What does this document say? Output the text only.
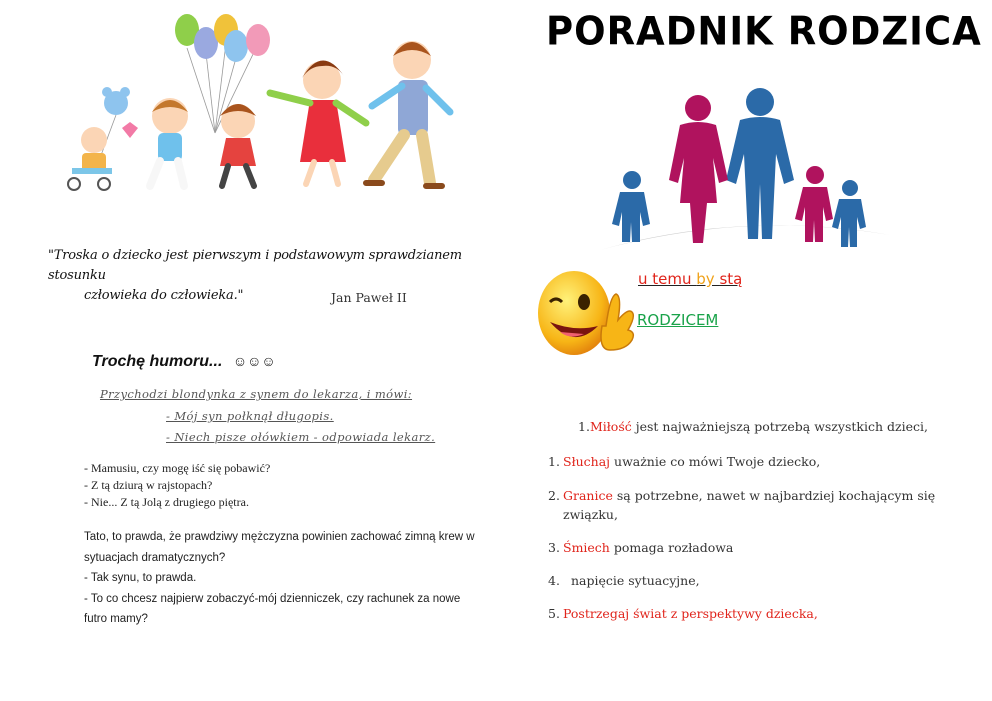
"Troska o dziecko jest pierwszym i podstawowym sprawdzianem stosunku
człowieka do człowieka."	Jan Paweł II
Trochę humoru... ☺☺☺
Przychodzi blondynka z synem do lekarza, i mówi:
- Mój syn połknął długopis.
- Niech pisze ołówkiem - odpowiada lekarz.
- Mamusiu, czy mogę iść się pobawić?
- Z tą dziurą w rajstopach?
- Nie... Z tą Jolą z drugiego piętra.
Tato, to prawda, że prawdziwy mężczyzna powinien zachować zimną krew w
sytuacjach dramatycznych?
- Tak synu, to prawda.
- To co chcesz najpierw zobaczyć-mój dzienniczek, czy rachunek za nowe
futro mamy?
PORADNIK RODZICA
u temu by stą
RODZICEM
1.Miłość jest najważniejszą potrzebą wszystkich dzieci,
1. Słuchaj uważnie co mówi Twoje dziecko,
2. Granice są potrzebne, nawet w najbardziej kochającym się
związku,
3. Śmiech pomaga rozładowa
4.  napięcie sytuacyjne,
5. Postrzegaj świat z perspektywy dziecka,
